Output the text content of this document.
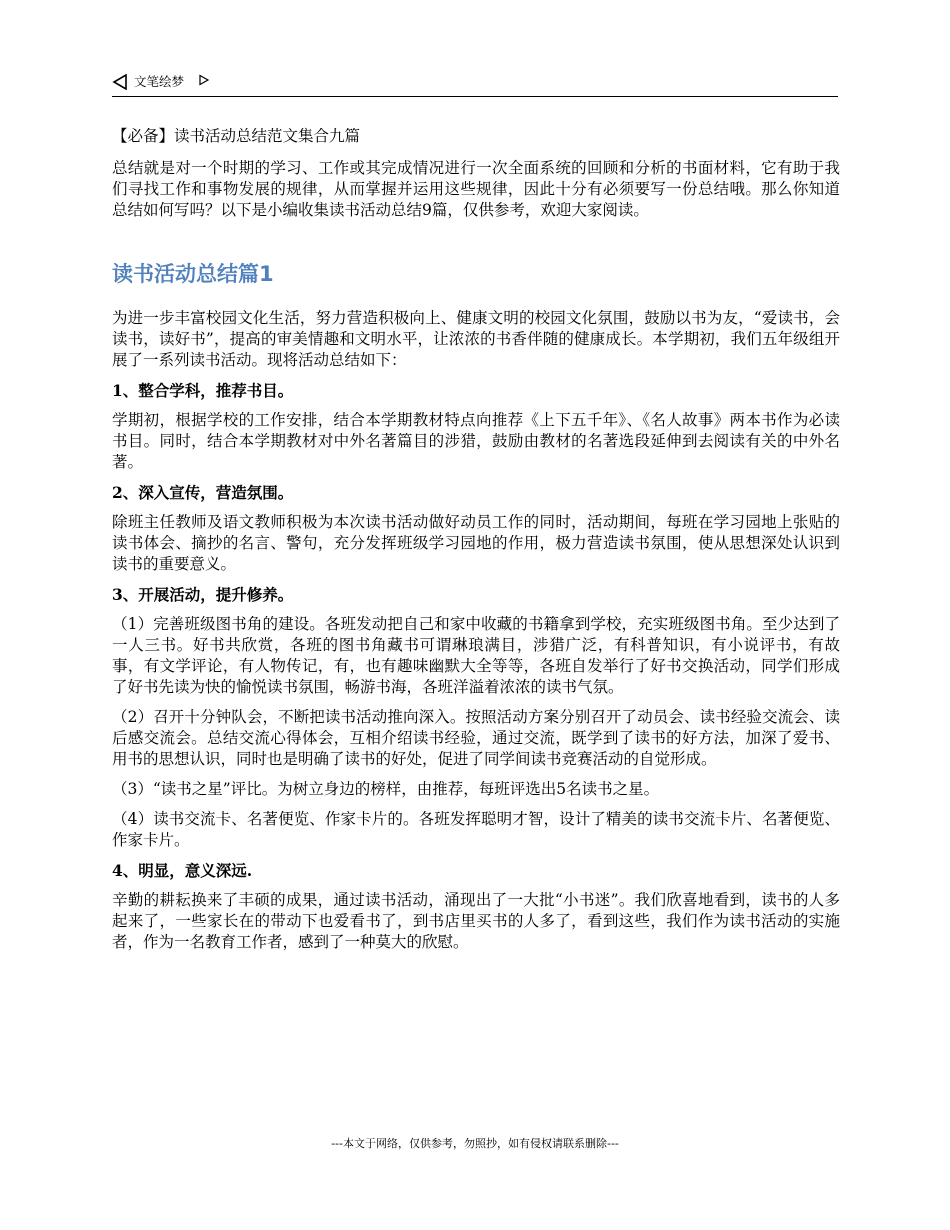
文笔绘梦

【必备】读书活动总结范文集合九篇

总结就是对一个时期的学习、工作或其完成情况进行一次全面系统的回顾和分析的书面材料，它有助于我们寻找工作和事物发展的规律，从而掌握并运用这些规律，因此十分有必须要写一份总结哦。那么你知道总结如何写吗？以下是小编收集读书活动总结9篇，仅供参考，欢迎大家阅读。

读书活动总结篇1

为进一步丰富校园文化生活，努力营造积极向上、健康文明的校园文化氛围，鼓励以书为友，“爱读书，会读书，读好书”，提高的审美情趣和文明水平，让浓浓的书香伴随的健康成长。本学期初，我们五年级组开展了一系列读书活动。现将活动总结如下：

1、整合学科，推荐书目。

学期初，根据学校的工作安排，结合本学期教材特点向推荐《上下五千年》、《名人故事》两本书作为必读书目。同时，结合本学期教材对中外名著篇目的涉猎，鼓励由教材的名著选段延伸到去阅读有关的中外名著。

2、深入宣传，营造氛围。

除班主任教师及语文教师积极为本次读书活动做好动员工作的同时，活动期间，每班在学习园地上张贴的读书体会、摘抄的名言、警句，充分发挥班级学习园地的作用，极力营造读书氛围，使从思想深处认识到读书的重要意义。

3、开展活动，提升修养。

（1）完善班级图书角的建设。各班发动把自己和家中收藏的书籍拿到学校，充实班级图书角。至少达到了一人三书。好书共欣赏，各班的图书角藏书可谓琳琅满目，涉猎广泛，有科普知识，有小说评书，有故事，有文学评论，有人物传记，有，也有趣味幽默大全等等，各班自发举行了好书交换活动，同学们形成了好书先读为快的愉悦读书氛围，畅游书海，各班洋溢着浓浓的读书气氛。

（2）召开十分钟队会，不断把读书活动推向深入。按照活动方案分别召开了动员会、读书经验交流会、读后感交流会。总结交流心得体会，互相介绍读书经验，通过交流，既学到了读书的好方法，加深了爱书、用书的思想认识，同时也是明确了读书的好处，促进了同学间读书竞赛活动的自觉形成。

（3）“读书之星”评比。为树立身边的榜样，由推荐，每班评选出5名读书之星。

（4）读书交流卡、名著便览、作家卡片的。各班发挥聪明才智，设计了精美的读书交流卡片、名著便览、作家卡片。

4、明显，意义深远.

辛勤的耕耘换来了丰硕的成果，通过读书活动，涌现出了一大批“小书迷”。我们欣喜地看到，读书的人多起来了，一些家长在的带动下也爱看书了，到书店里买书的人多了，看到这些，我们作为读书活动的实施者，作为一名教育工作者，感到了一种莫大的欣慰。

---本文于网络，仅供参考，勿照抄，如有侵权请联系删除---
